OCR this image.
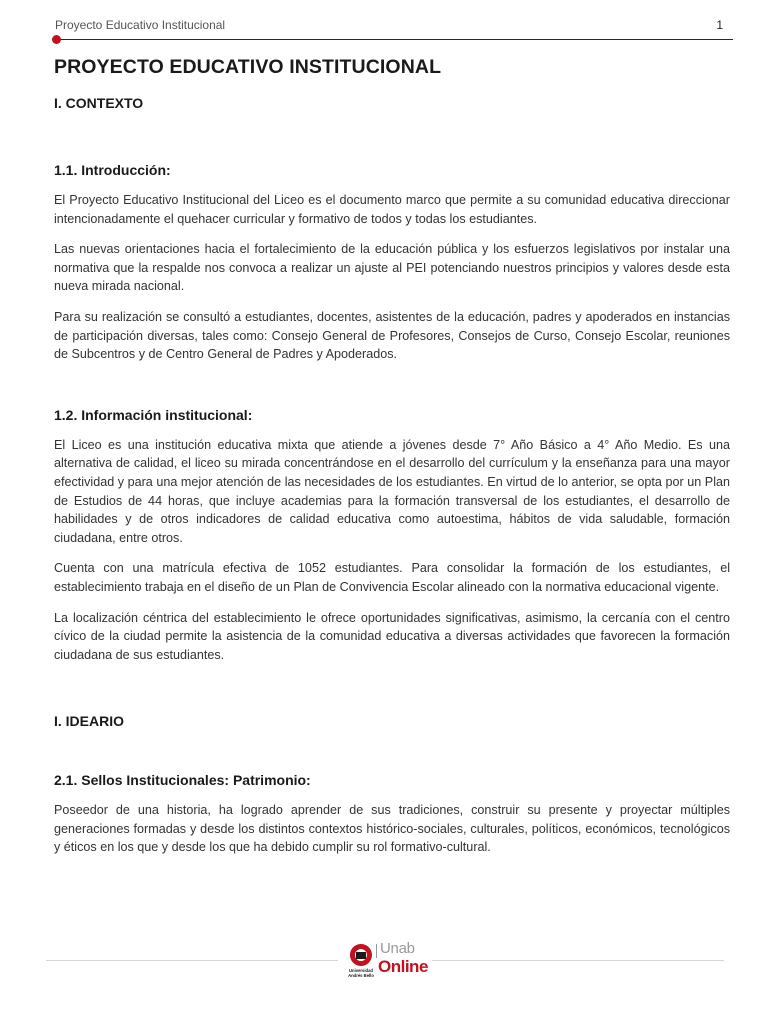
Proyecto Educativo Institucional	1
PROYECTO EDUCATIVO INSTITUCIONAL
I. CONTEXTO
1.1. Introducción:

El Proyecto Educativo Institucional del Liceo es el documento marco que permite a su comunidad educativa direccionar intencionadamente el quehacer curricular y formativo de todos y todas los estudiantes.

Las nuevas orientaciones hacia el fortalecimiento de la educación pública y los esfuerzos legislativos por instalar una normativa que la respalde nos convoca a realizar un ajuste al PEI potenciando nuestros principios y valores desde esta nueva mirada nacional.

Para su realización se consultó a estudiantes, docentes, asistentes de la educación, padres y apoderados en instancias de participación diversas, tales como: Consejo General de Profesores, Consejos de Curso, Consejo Escolar, reuniones de Subcentros y de Centro General de Padres y Apoderados.

1.2. Información institucional:

El Liceo es una institución educativa mixta que atiende a jóvenes desde 7° Año Básico a 4° Año Medio. Es una alternativa de calidad, el liceo su mirada concentrándose en el desarrollo del currículum y la enseñanza para una mayor efectividad y para una mejor atención de las necesidades de los estudiantes. En virtud de lo anterior, se opta por un Plan de Estudios de 44 horas, que incluye academias para la formación transversal de los estudiantes, el desarrollo de habilidades y de otros indicadores de calidad educativa como autoestima, hábitos de vida saludable, formación ciudadana, entre otros.

Cuenta con una matrícula efectiva de 1052 estudiantes. Para consolidar la formación de los estudiantes, el establecimiento trabaja en el diseño de un Plan de Convivencia Escolar alineado con la normativa educacional vigente.

La localización céntrica del establecimiento le ofrece oportunidades significativas, asimismo, la cercanía con el centro cívico de la ciudad permite la asistencia de la comunidad educativa a diversas actividades que favorecen la formación ciudadana de sus estudiantes.

I. IDEARIO
2.1. Sellos Institucionales: Patrimonio:

Poseedor de una historia, ha logrado aprender de sus tradiciones, construir su presente y proyectar múltiples generaciones formadas y desde los distintos contextos histórico-sociales, culturales, políticos, económicos, tecnológicos y éticos en los que y desde los que ha debido cumplir su rol formativo-cultural.

Universidad
Andrés Bello
Unab
Online
